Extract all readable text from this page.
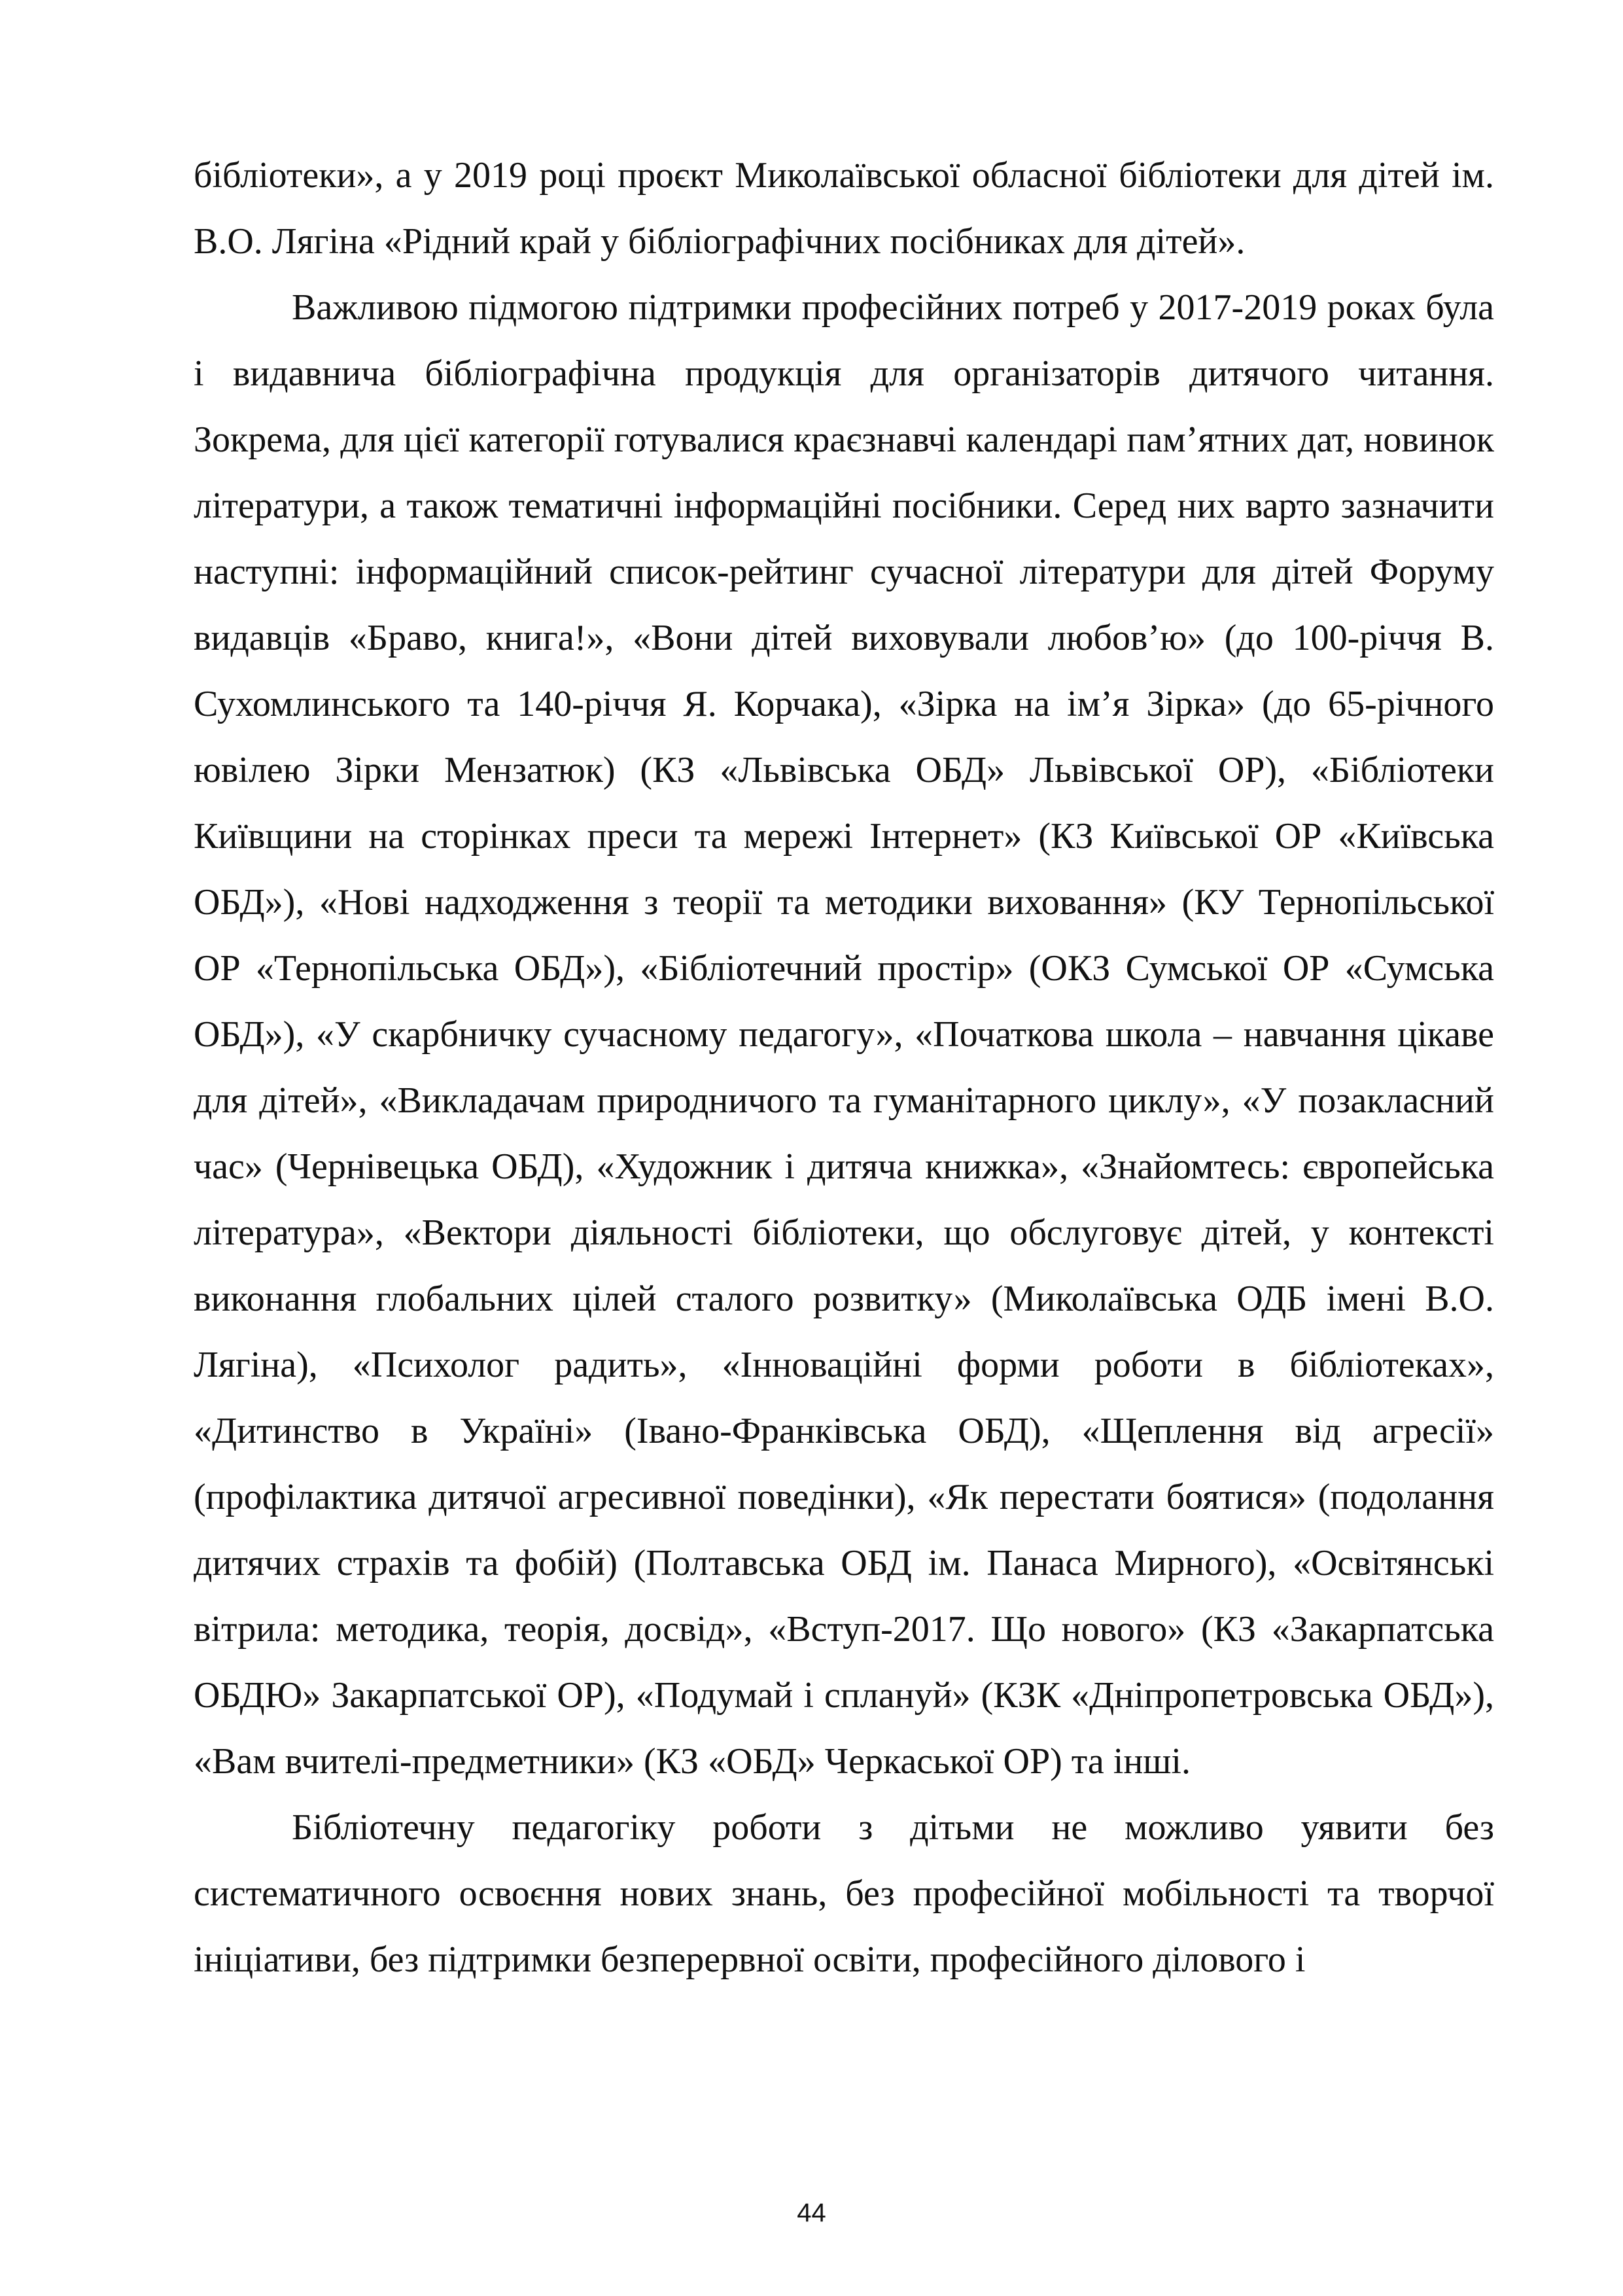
бібліотеки», а у 2019 році проєкт Миколаївської обласної бібліотеки для дітей ім. В.О. Лягіна «Рідний край у бібліографічних посібниках для дітей».

Важливою підмогою підтримки професійних потреб у 2017-2019 роках була і видавнича бібліографічна продукція для організаторів дитячого читання. Зокрема, для цієї категорії готувалися краєзнавчі календарі пам’ятних дат, новинок літератури, а також тематичні інформаційні посібники. Серед них варто зазначити наступні: інформаційний список-рейтинг сучасної літератури для дітей Форуму видавців «Браво, книга!», «Вони дітей виховували любов’ю» (до 100-річчя В. Сухомлинського та 140-річчя Я. Корчака), «Зірка на ім’я Зірка» (до 65-річного ювілею Зірки Мензатюк) (КЗ «Львівська ОБД» Львівської ОР), «Бібліотеки Київщини на сторінках преси та мережі Інтернет» (КЗ Київської ОР «Київська ОБД»), «Нові надходження з теорії та методики виховання» (КУ Тернопільської ОР «Тернопільська ОБД»), «Бібліотечний простір» (ОКЗ Сумської ОР «Сумська ОБД»), «У скарбничку сучасному педагогу», «Початкова школа – навчання цікаве для дітей», «Викладачам природничого та гуманітарного циклу», «У позакласний час» (Чернівецька ОБД), «Художник і дитяча книжка», «Знайомтесь: європейська література», «Вектори діяльності бібліотеки, що обслуговує дітей, у контексті виконання глобальних цілей сталого розвитку» (Миколаївська ОДБ імені В.О. Лягіна), «Психолог радить», «Інноваційні форми роботи в бібліотеках», «Дитинство в Україні» (Івано-Франківська ОБД), «Щеплення від агресії» (профілактика дитячої агресивної поведінки), «Як перестати боятися» (подолання дитячих страхів та фобій) (Полтавська ОБД ім. Панаса Мирного), «Освітянські вітрила: методика, теорія, досвід», «Вступ-2017. Що нового» (КЗ «Закарпатська ОБДЮ» Закарпатської ОР), «Подумай і сплануй» (КЗК «Дніпропетровська ОБД»), «Вам вчителі-предметники» (КЗ «ОБД» Черкаської ОР) та інші.

Бібліотечну педагогіку роботи з дітьми не можливо уявити без систематичного освоєння нових знань, без професійної мобільності та творчої ініціативи, без підтримки безперервної освіти, професійного ділового і

44
